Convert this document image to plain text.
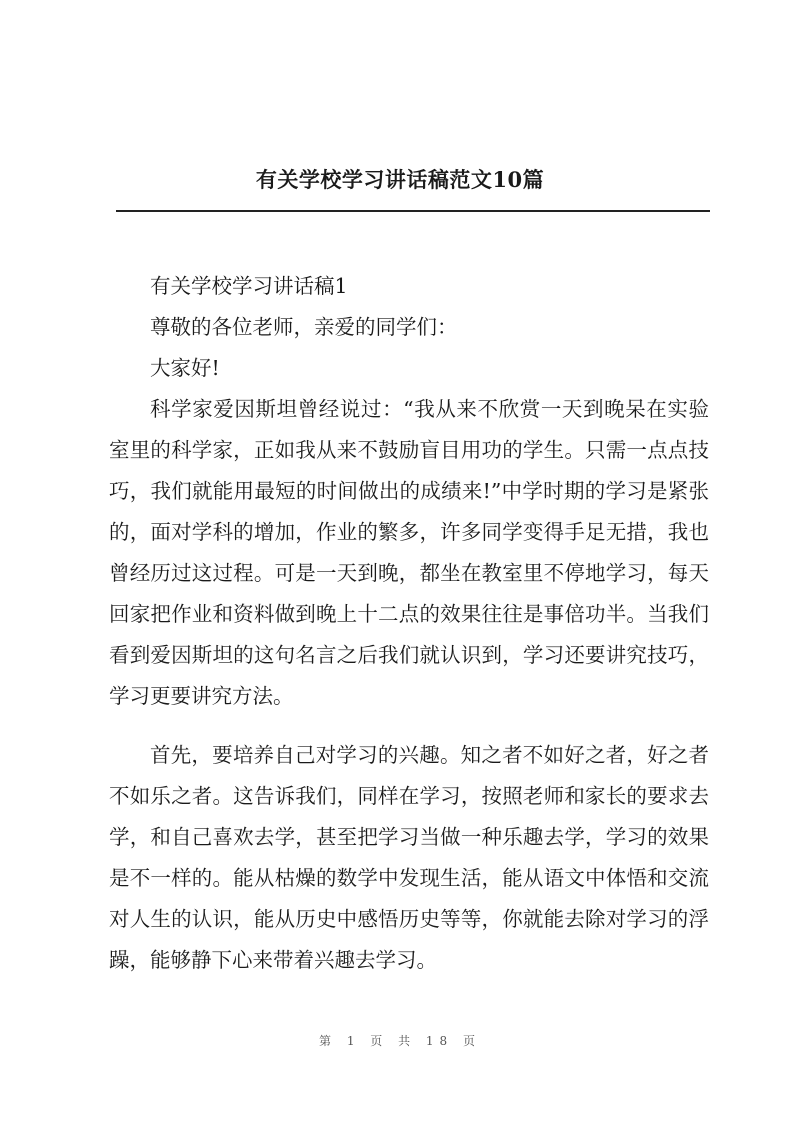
有关学校学习讲话稿范文10篇

有关学校学习讲话稿1

尊敬的各位老师，亲爱的同学们：

大家好!

科学家爱因斯坦曾经说过：“我从来不欣赏一天到晚呆在实验室里的科学家，正如我从来不鼓励盲目用功的学生。只需一点点技巧，我们就能用最短的时间做出的成绩来!”中学时期的学习是紧张的，面对学科的增加，作业的繁多，许多同学变得手足无措，我也曾经历过这过程。可是一天到晚，都坐在教室里不停地学习，每天回家把作业和资料做到晚上十二点的效果往往是事倍功半。当我们看到爱因斯坦的这句名言之后我们就认识到，学习还要讲究技巧，学习更要讲究方法。

首先，要培养自己对学习的兴趣。知之者不如好之者，好之者不如乐之者。这告诉我们，同样在学习，按照老师和家长的要求去学，和自己喜欢去学，甚至把学习当做一种乐趣去学，学习的效果是不一样的。能从枯燥的数学中发现生活，能从语文中体悟和交流对人生的认识，能从历史中感悟历史等等，你就能去除对学习的浮躁，能够静下心来带着兴趣去学习。

第 1 页 共 18 页
